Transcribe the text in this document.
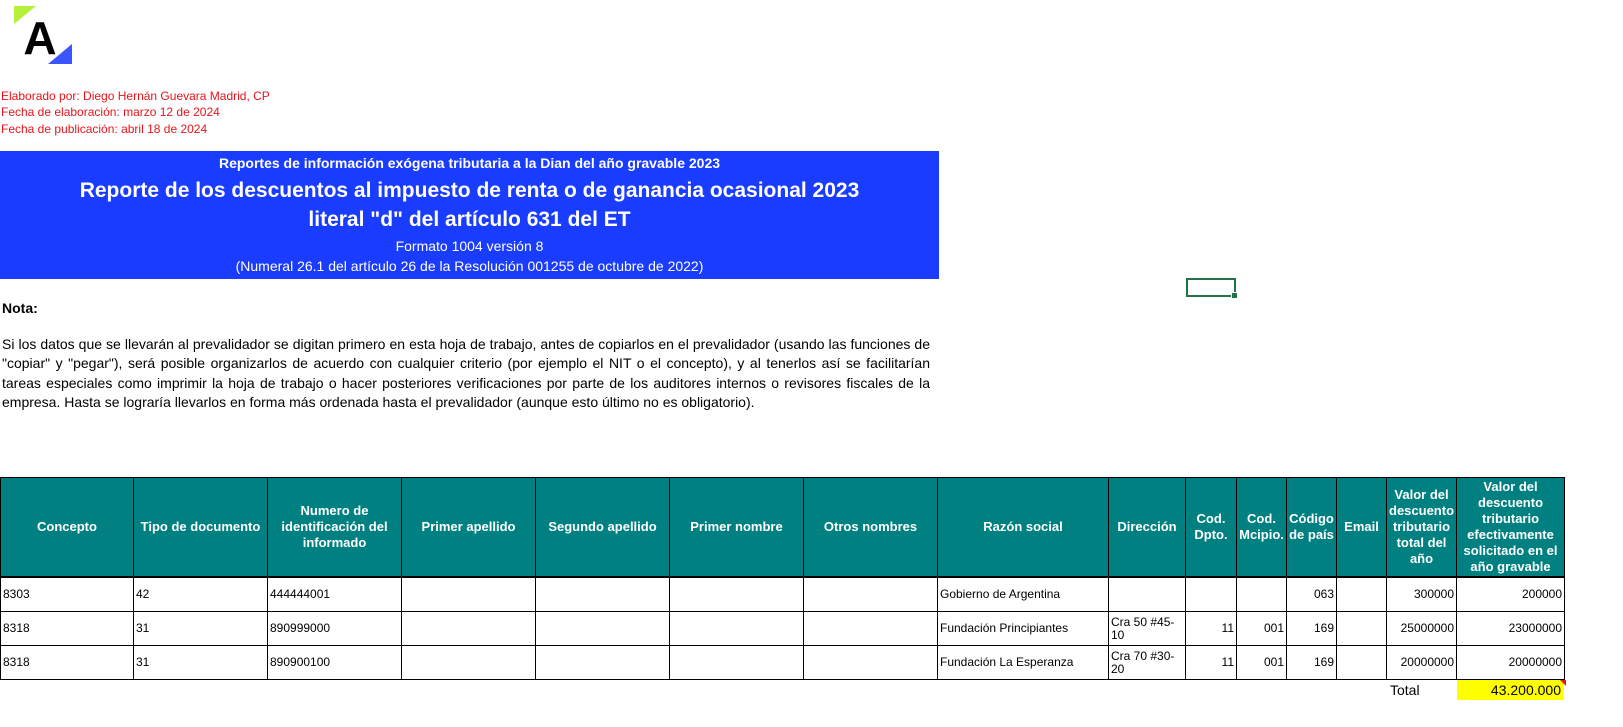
A
Elaborado por: Diego Hernán Guevara Madrid, CP
Fecha de elaboración: marzo 12 de 2024
Fecha de publicación: abril 18 de 2024
Reportes de información exógena tributaria a la Dian del año gravable 2023
Reporte de los descuentos al impuesto de renta o de ganancia ocasional 2023
literal "d" del artículo 631 del ET
Formato 1004 versión 8
(Numeral 26.1 del artículo 26 de la Resolución 001255 de octubre de 2022)
Nota:
Si los datos que se llevarán al prevalidador se digitan primero en esta hoja de trabajo, antes de copiarlos en el prevalidador (usando las funciones de "copiar" y "pegar"), será posible organizarlos de acuerdo con cualquier criterio (por ejemplo el NIT o el concepto), y al tenerlos así se facilitarían tareas especiales como imprimir la hoja de trabajo o hacer posteriores verificaciones por parte de los auditores internos o revisores fiscales de la empresa. Hasta se lograría llevarlos en forma más ordenada hasta el prevalidador (aunque esto último no es obligatorio).
Concepto	Tipo de documento	Numero de identificación del informado	Primer apellido	Segundo apellido	Primer nombre	Otros nombres	Razón social	Dirección	Cod. Dpto.	Cod. Mcipio.	Código de país	Email	Valor del descuento tributario total del año	Valor del descuento tributario efectivamente solicitado en el año gravable
8303	42	444444001					Gobierno de Argentina				063		300000	200000
8318	31	890999000					Fundación Principiantes	Cra 50 #45-10	11	001	169		25000000	23000000
8318	31	890900100					Fundación La Esperanza	Cra 70 #30-20	11	001	169		20000000	20000000
Total	43.200.000
